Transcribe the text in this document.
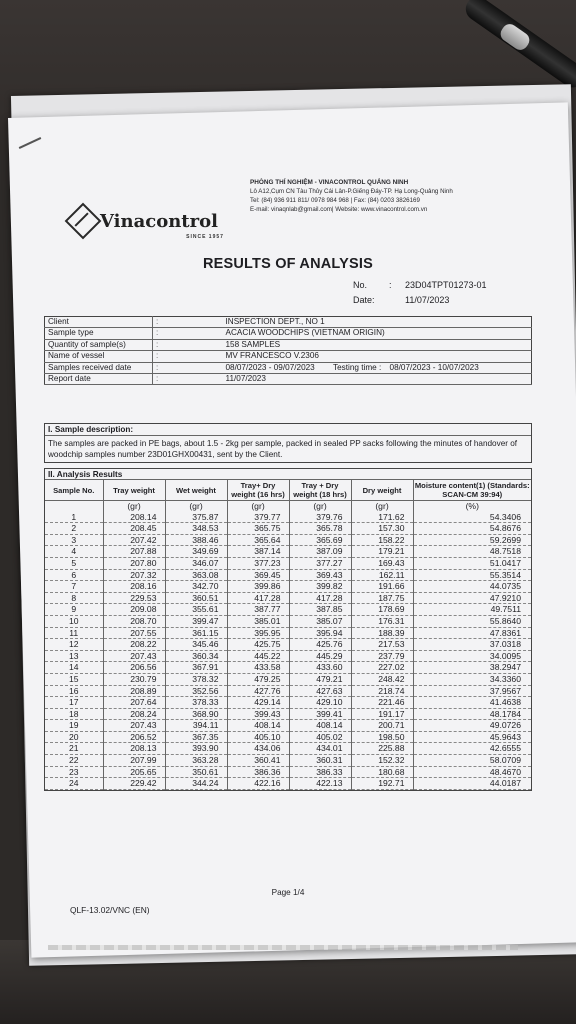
Vinacontrol
SINCE 1957
PHÒNG THÍ NGHIỆM - VINACONTROL QUẢNG NINH
Lô A12,Cụm CN Tàu Thủy Cái Lân-P.Giếng Đáy-TP. Hạ Long-Quảng Ninh
Tel: (84) 936 911 811/ 0978 984 968 | Fax: (84) 0203 3826169
E-mail: vinaqnlab@gmail.com| Website: www.vinacontrol.com.vn
RESULTS OF ANALYSIS
No.	:	23D04TPT01273-01
Date:	11/07/2023
Client	:	INSPECTION DEPT., NO 1
Sample type	:	ACACIA WOODCHIPS (VIETNAM ORIGIN)
Quantity of sample(s)	:	158 SAMPLES
Name of vessel	:	MV FRANCESCO V.2306
Samples received date	:	08/07/2023 - 09/07/2023 Testing time : 08/07/2023 - 10/07/2023
Report date	:	11/07/2023
I. Sample description:
The samples are packed in PE bags, about 1.5 - 2kg per sample, packed in sealed PP sacks following the minutes of handover of woodchip samples number 23D01GHX00431, sent by the Client.
II. Analysis Results
Sample No.	Tray weight	Wet weight	Tray+ Dry weight (16 hrs)	Tray + Dry weight (18 hrs)	Dry weight	Moisture content(1) (Standards: SCAN-CM 39:94)
	(gr)	(gr)	(gr)	(gr)	(gr)	(%)
1	208.14	375.87	379.77	379.76	171.62	54.3406
2	208.45	348.53	365.75	365.78	157.30	54.8676
3	207.42	388.46	365.64	365.69	158.22	59.2699
4	207.88	349.69	387.14	387.09	179.21	48.7518
5	207.80	346.07	377.23	377.27	169.43	51.0417
6	207.32	363.08	369.45	369.43	162.11	55.3514
7	208.16	342.70	399.86	399.82	191.66	44.0735
8	229.53	360.51	417.28	417.28	187.75	47.9210
9	209.08	355.61	387.77	387.85	178.69	49.7511
10	208.70	399.47	385.01	385.07	176.31	55.8640
11	207.55	361.15	395.95	395.94	188.39	47.8361
12	208.22	345.46	425.75	425.76	217.53	37.0318
13	207.43	360.34	445.22	445.29	237.79	34.0095
14	206.56	367.91	433.58	433.60	227.02	38.2947
15	230.79	378.32	479.25	479.21	248.42	34.3360
16	208.89	352.56	427.76	427.63	218.74	37.9567
17	207.64	378.33	429.14	429.10	221.46	41.4638
18	208.24	368.90	399.43	399.41	191.17	48.1784
19	207.43	394.11	408.14	408.14	200.71	49.0726
20	206.52	367.35	405.10	405.02	198.50	45.9643
21	208.13	393.90	434.06	434.01	225.88	42.6555
22	207.99	363.28	360.41	360.31	152.32	58.0709
23	205.65	350.61	386.36	386.33	180.68	48.4670
24	229.42	344.24	422.16	422.13	192.71	44.0187
Page 1/4
QLF-13.02/VNC (EN)
